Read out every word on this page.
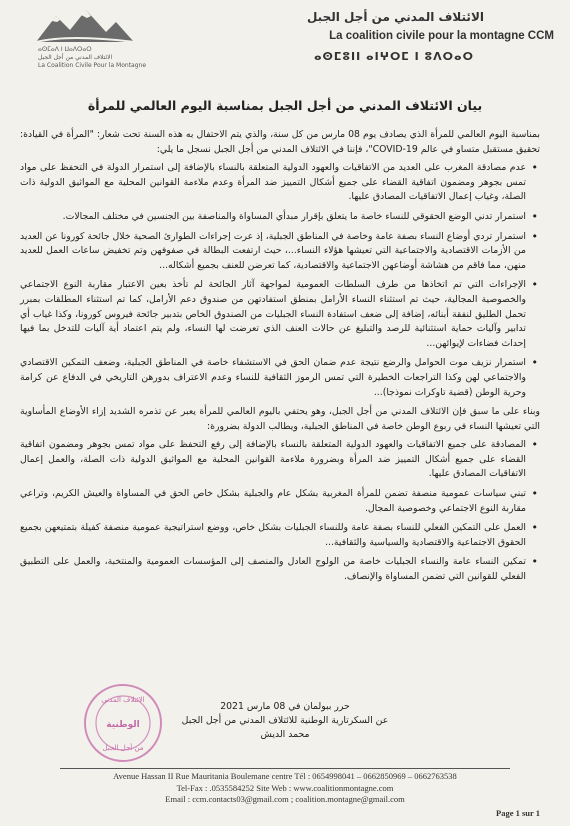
ⴰⵙⵎⴰⴷ ⵏ ⵡⴰⴷⵔⴰⵔ
الائتلاف المدني من أجل الجبل
La Coalition Civile Pour la Montagne
الائتلاف المدني من أجل الجبل
La coalition civile pour la montagne CCM
ⴰⵙⵎⵓⵏⵏ ⴰⵏⵖⵔⵎ ⵏ ⵓⴷⵔⴰⵔ
بيان الائتلاف المدني من أجل الجبل بمناسبة اليوم العالمي للمرأة

بمناسبة اليوم العالمي للمرأة الذي يصادف يوم 08 مارس من كل سنة، والذي يتم الاحتفال به هذه السنة تحت شعار: "المرأة في القيادة: تحقيق مستقبل متساو في عالم COVID-19"، فإننا في الائتلاف المدني من أجل الجبل نسجل ما يلي:

• عدم مصادقة المغرب على العديد من الاتفاقيات والعهود الدولية المتعلقة بالنساء بالإضافة إلى استمرار الدولة في التحفظ على مواد تمس بجوهر ومضمون اتفاقية القضاء على جميع أشكال التمييز ضد المرأة وعدم ملاءمة القوانين المحلية مع المواثيق الدولية ذات الصلة، وغياب إعمال الاتفاقيات المصادق عليها.
• استمرار تدني الوضع الحقوقي للنساء خاصة ما يتعلق بإقرار مبدأي المساواة والمناصفة بين الجنسين في مختلف المجالات.
• استمرار تردي أوضاع النساء بصفة عامة وخاصة في المناطق الجبلية، إذ عرت إجراءات الطوارئ الصحية خلال جائحة كورونا عن العديد من الأزمات الاقتصادية والاجتماعية التي تعيشها هؤلاء النساء...، حيث ارتفعت البطالة في صفوفهن وتم تخفيض ساعات العمل للعديد منهن، مما فاقم من هشاشة أوضاعهن الاجتماعية والاقتصادية، كما تعرضن للعنف بجميع أشكاله...
• الإجراءات التي تم اتخاذها من طرف السلطات العمومية لمواجهة آثار الجائحة لم تأخذ بعين الاعتبار مقاربة النوع الاجتماعي والخصوصية المجالية، حيث تم استثناء النساء الأرامل بمنطق استفادتهن من صندوق دعم الأرامل، كما تم استثناء المطلقات بمبرر تحمل الطليق لنفقة أبنائه، إضافة إلى ضعف استفادة النساء الجبليات من الصندوق الخاص بتدبير جائحة فيروس كورونا، وكذا غياب أي تدابير وآليات حماية استثنائية للرصد والتبليغ عن حالات العنف الذي تعرضت لها النساء، ولم يتم اعتماد أية آليات للتدخل بما فيها إحداث فضاءات لإيوائهن...
• استمرار نزيف موت الحوامل والرضع نتيجة عدم ضمان الحق في الاستشفاء خاصة في المناطق الجبلية، وضعف التمكين الاقتصادي والاجتماعي لهن وكذا التراجعات الخطيرة التي تمس الرموز الثقافية للنساء وعدم الاعتراف بدورهن التاريخي في الدفاع عن كرامة وحرية الوطن (قضية تاوكرات نموذجا)...

وبناء على ما سبق فإن الائتلاف المدني من أجل الجبل، وهو يحتفي باليوم العالمي للمرأة يعبر عن تذمره الشديد إزاء الأوضاع المأساوية التي تعيشها النساء في ربوع الوطن خاصة في المناطق الجبلية، ويطالب الدولة بضرورة:

• المصادقة على جميع الاتفاقيات والعهود الدولية المتعلقة بالنساء بالإضافة إلى رفع التحفظ على مواد تمس بجوهر ومضمون اتفاقية القضاء على جميع أشكال التمييز ضد المرأة وبضرورة ملاءمة القوانين المحلية مع المواثيق الدولية ذات الصلة، والعمل إعمال الاتفاقيات المصادق عليها.
• تبني سياسات عمومية منصفة تضمن للمرأة المغربية بشكل عام والجبلية بشكل خاص الحق في المساواة والعيش الكريم، وتراعي مقاربة النوع الاجتماعي وخصوصية المجال.
• العمل على التمكين الفعلي للنساء بصفة عامة وللنساء الجبليات بشكل خاص، ووضع استراتيجية عمومية منصفة كفيلة بتمتيعهن بجميع الحقوق الاجتماعية والاقتصادية والسياسية والثقافية...
• تمكين النساء عامة والنساء الجبليات خاصة من الولوج العادل والمنصف إلى المؤسسات العمومية والمنتخبة، والعمل على التطبيق الفعلي للقوانين التي تضمن المساواة والإنصاف.
الائتلاف المدني
الوطنية
من أجل الجبل
حرر ببولمان في 08 مارس 2021
عن السكرتارية الوطنية للائتلاف المدني من أجل الجبل
محمد الديش
Avenue Hassan II Rue Mauritania Boulemane centre Tél : 0654998041 – 0662850969 – 0662763538
Tel-Fax : .0535584252 Site Web : www.coalitionmontagne.com
Email : ccm.contacts03@gmail.com ; coalition.montagne@gmail.com
Page 1 sur 1
